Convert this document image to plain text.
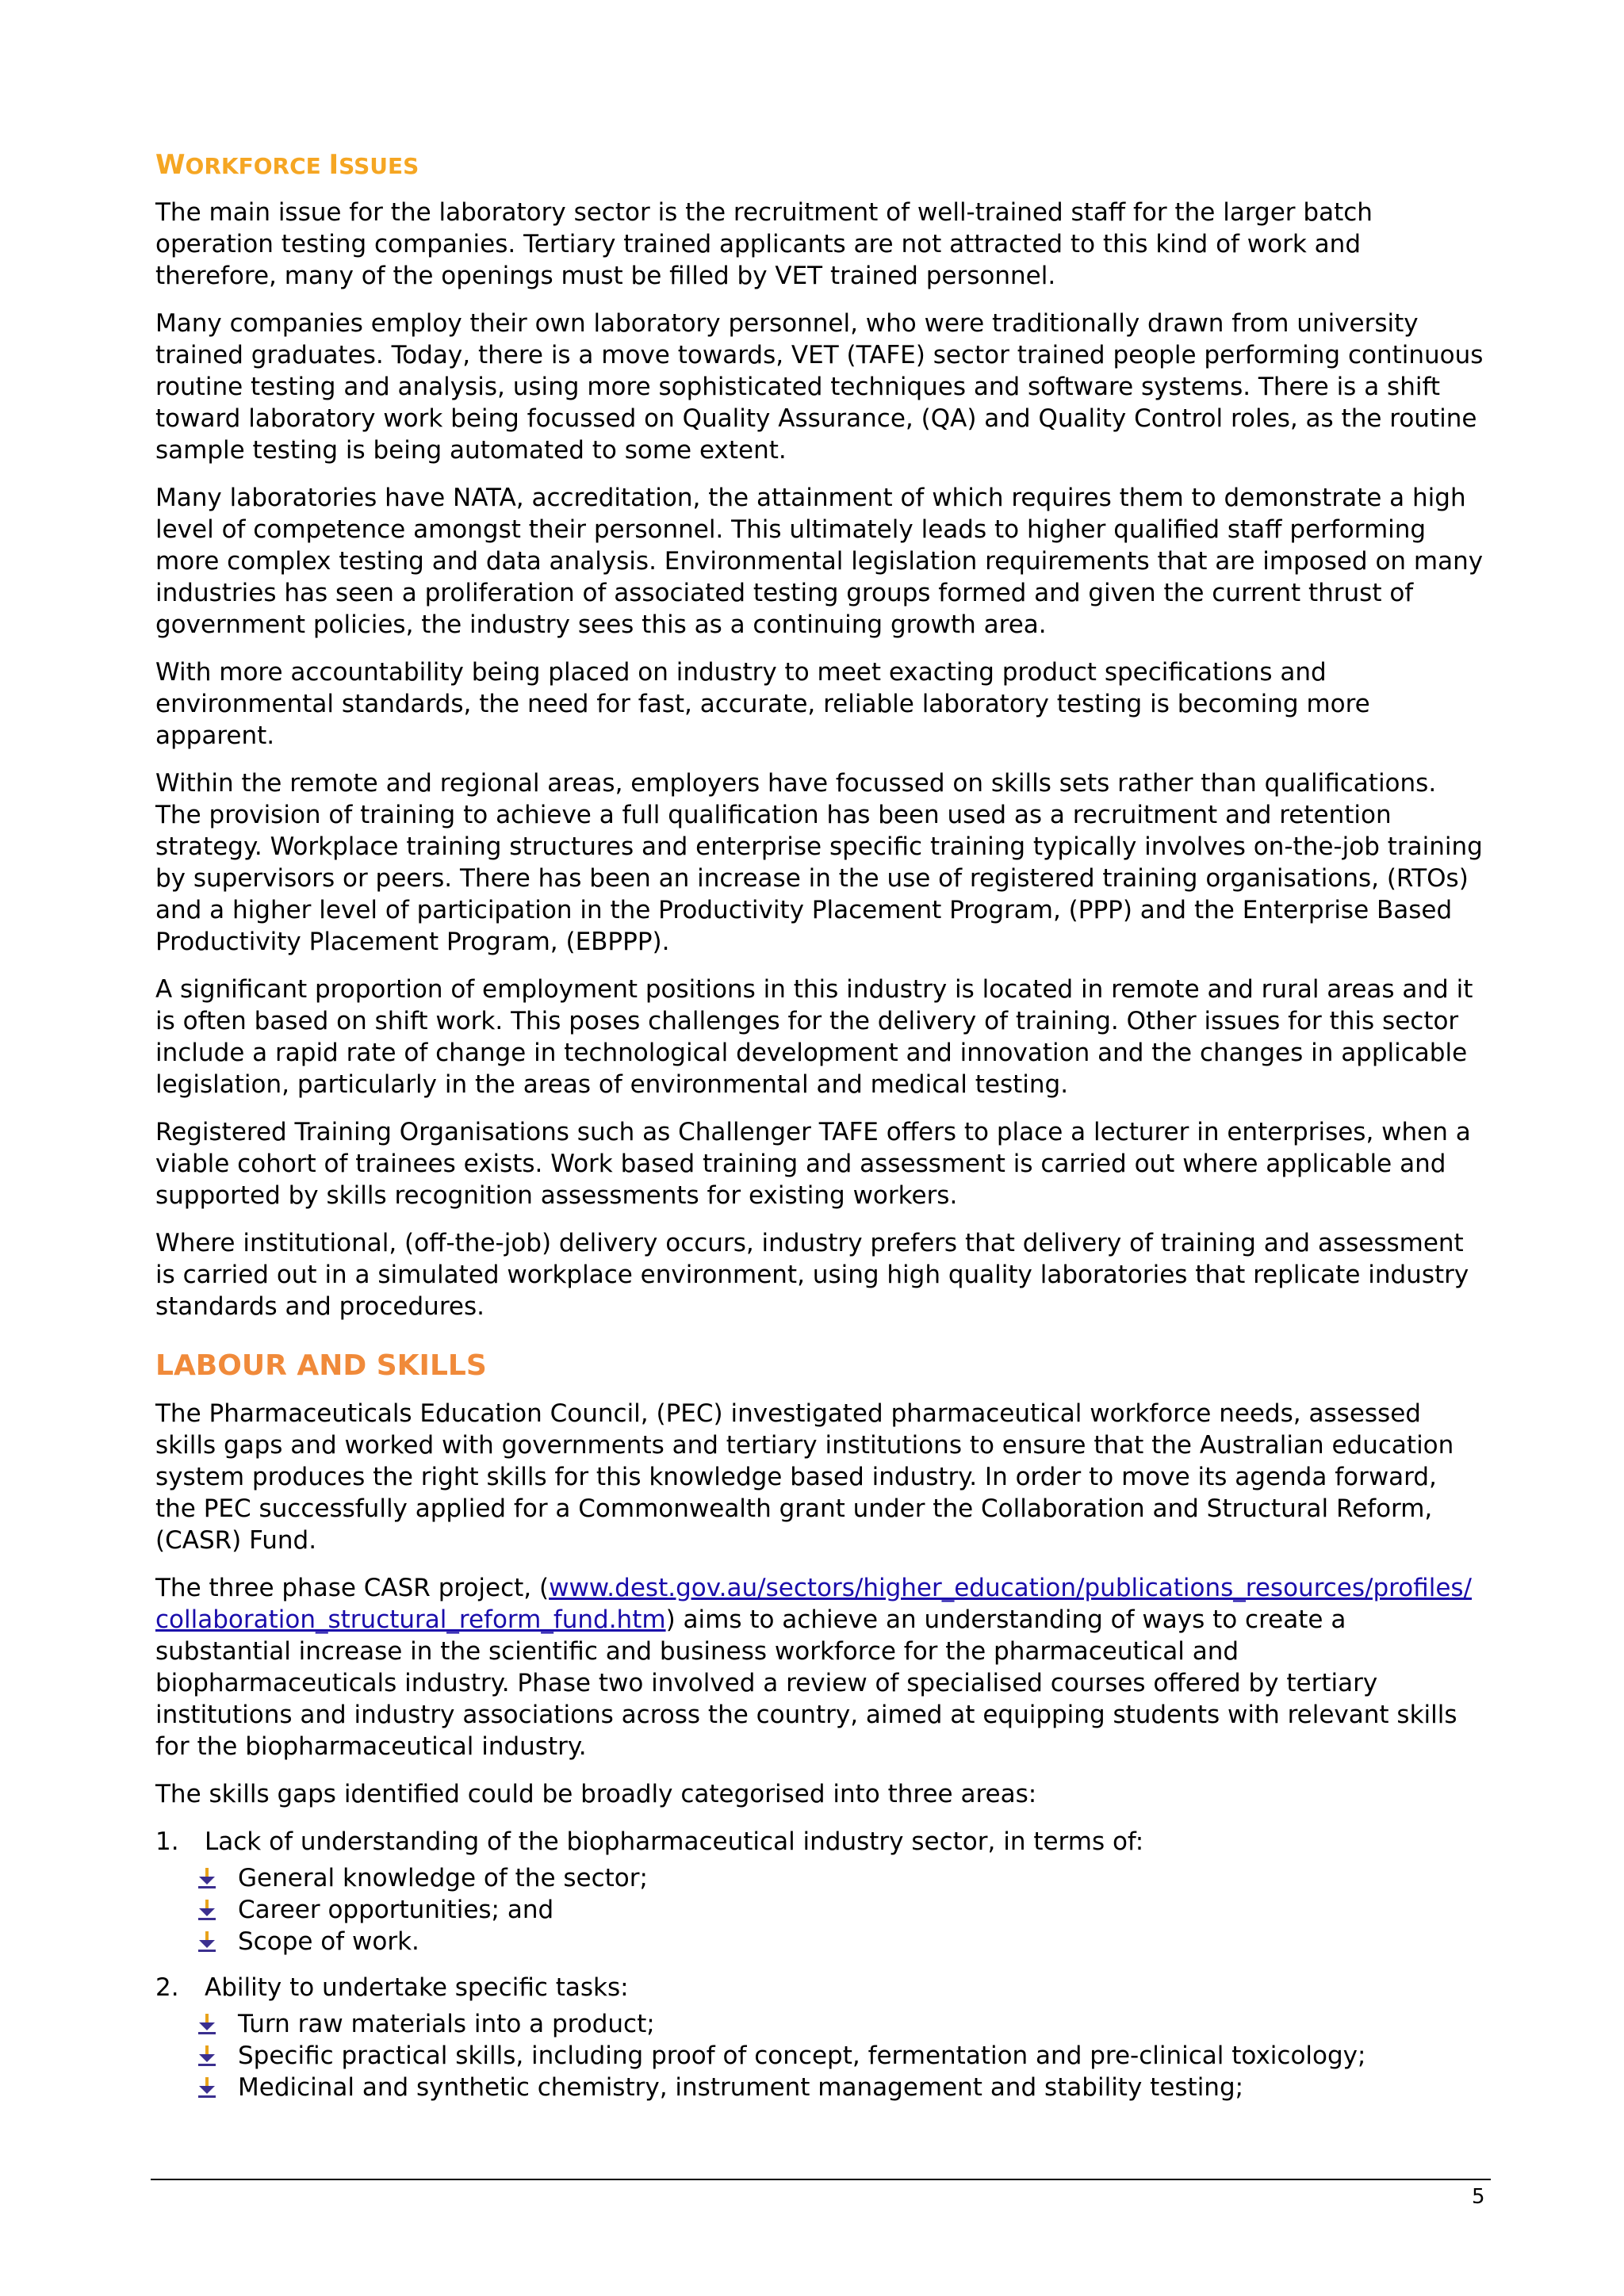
WORKFORCE ISSUES

The main issue for the laboratory sector is the recruitment of well-trained staff for the larger batch operation testing companies. Tertiary trained applicants are not attracted to this kind of work and therefore, many of the openings must be filled by VET trained personnel.

Many companies employ their own laboratory personnel, who were traditionally drawn from university trained graduates. Today, there is a move towards, VET (TAFE) sector trained people performing continuous routine testing and analysis, using more sophisticated techniques and software systems. There is a shift toward laboratory work being focussed on Quality Assurance, (QA) and Quality Control roles, as the routine sample testing is being automated to some extent.

Many laboratories have NATA, accreditation, the attainment of which requires them to demonstrate a high level of competence amongst their personnel. This ultimately leads to higher qualified staff performing more complex testing and data analysis. Environmental legislation requirements that are imposed on many industries has seen a proliferation of associated testing groups formed and given the current thrust of government policies, the industry sees this as a continuing growth area.

With more accountability being placed on industry to meet exacting product specifications and environmental standards, the need for fast, accurate, reliable laboratory testing is becoming more apparent.

Within the remote and regional areas, employers have focussed on skills sets rather than qualifications. The provision of training to achieve a full qualification has been used as a recruitment and retention strategy. Workplace training structures and enterprise specific training typically involves on-the-job training by supervisors or peers. There has been an increase in the use of registered training organisations, (RTOs) and a higher level of participation in the Productivity Placement Program, (PPP) and the Enterprise Based Productivity Placement Program, (EBPPP).

A significant proportion of employment positions in this industry is located in remote and rural areas and it is often based on shift work. This poses challenges for the delivery of training. Other issues for this sector include a rapid rate of change in technological development and innovation and the changes in applicable legislation, particularly in the areas of environmental and medical testing.

Registered Training Organisations such as Challenger TAFE offers to place a lecturer in enterprises, when a viable cohort of trainees exists. Work based training and assessment is carried out where applicable and supported by skills recognition assessments for existing workers.

Where institutional, (off-the-job) delivery occurs, industry prefers that delivery of training and assessment is carried out in a simulated workplace environment, using high quality laboratories that replicate industry standards and procedures.

LABOUR AND SKILLS

The Pharmaceuticals Education Council, (PEC) investigated pharmaceutical workforce needs, assessed skills gaps and worked with governments and tertiary institutions to ensure that the Australian education system produces the right skills for this knowledge based industry. In order to move its agenda forward, the PEC successfully applied for a Commonwealth grant under the Collaboration and Structural Reform, (CASR) Fund.

The three phase CASR project, (www.dest.gov.au/sectors/higher_education/publications_resources/profiles/collaboration_structural_reform_fund.htm) aims to achieve an understanding of ways to create a substantial increase in the scientific and business workforce for the pharmaceutical and biopharmaceuticals industry. Phase two involved a review of specialised courses offered by tertiary institutions and industry associations across the country, aimed at equipping students with relevant skills for the biopharmaceutical industry.

The skills gaps identified could be broadly categorised into three areas:

1.	Lack of understanding of the biopharmaceutical industry sector, in terms of:
General knowledge of the sector;
Career opportunities; and
Scope of work.
2.	Ability to undertake specific tasks:
Turn raw materials into a product;
Specific practical skills, including proof of concept, fermentation and pre-clinical toxicology;
Medicinal and synthetic chemistry, instrument management and stability testing;
5
